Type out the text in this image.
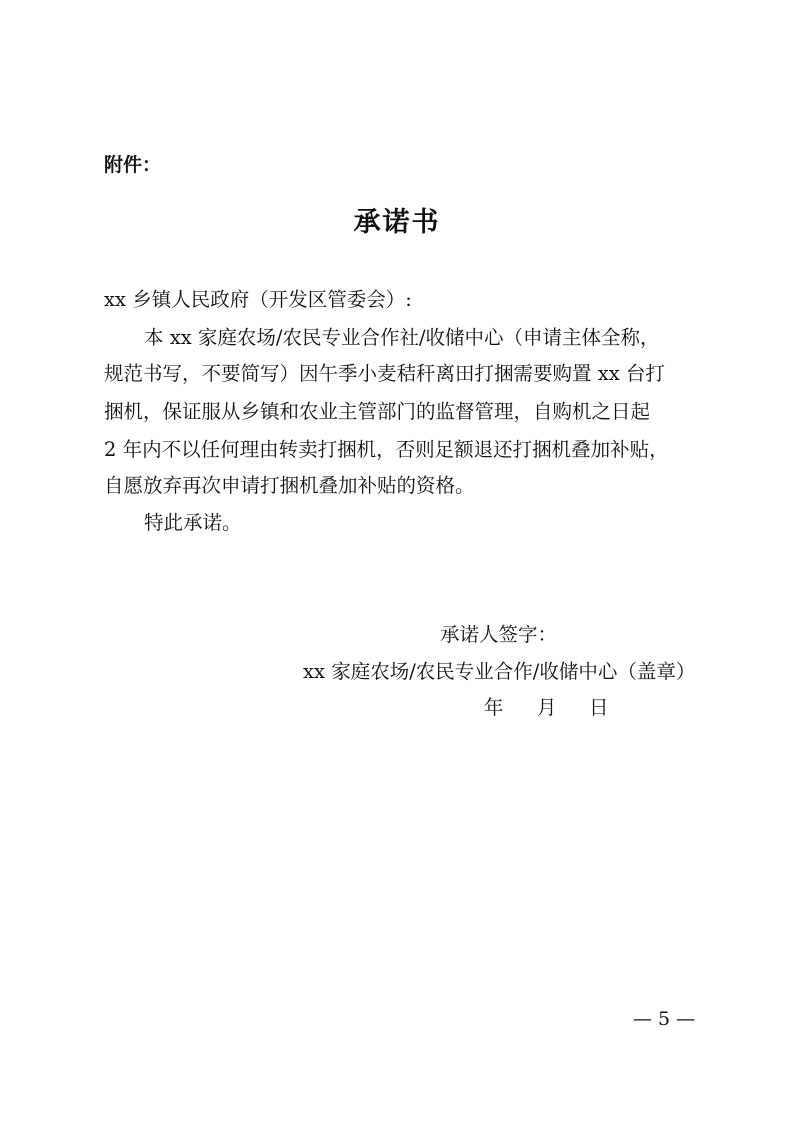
附件：
承诺书
xx 乡镇人民政府（开发区管委会）:
本 xx 家庭农场/农民专业合作社/收储中心（申请主体全称，
规范书写，不要简写）因午季小麦秸秆离田打捆需要购置 xx 台打
捆机，保证服从乡镇和农业主管部门的监督管理，自购机之日起
2 年内不以任何理由转卖打捆机，否则足额退还打捆机叠加补贴，
自愿放弃再次申请打捆机叠加补贴的资格。
特此承诺。
承诺人签字：
xx 家庭农场/农民专业合作/收储中心（盖章）
年 月 日
— 5 —
